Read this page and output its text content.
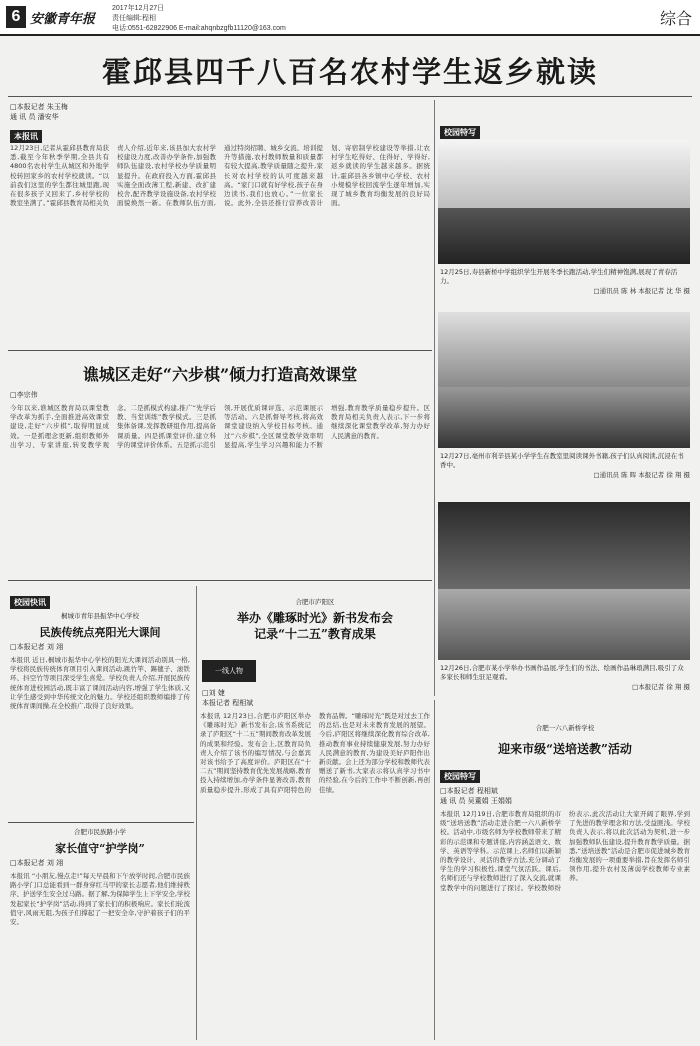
6 安徽青年报
2017年12月27日
责任编辑:程相
电话:0551-62822906 E-mail:ahqnbzgfb11120@163.com
综合
霍邱县四千八百名农村学生返乡就读
□本报记者 朱玉梅
通 讯 员 潘安华
本报讯
12月23日,记者从霍邱县教育局获悉,截至今年秋季学期,全县共有4800名农村学生从城区和外地学校转回家乡的农村学校就读。“以前我们这里的学生都往城里跑,现在很多孩子又回来了,乡村学校的教室坐满了。”霍邱县教育局相关负责人介绍,近年来,该县加大农村学校建设力度,改善办学条件,加强教师队伍建设,农村学校办学质量明显提升。在政府投入方面,霍邱县实施全面改薄工程,新建、改扩建校舍,配齐教学设施设备,农村学校面貌焕然一新。在教师队伍方面,通过特岗招聘、城乡交流、培训提升等措施,农村教师数量和质量都有较大提高,教学质量随之提升,家长对农村学校的认可度越来越高。“家门口就有好学校,孩子在身边读书,我们也放心。”一位家长说。此外,全县还推行营养改善计划、寄宿制学校建设等举措,让农村学生吃得好、住得好、学得好,返乡就读的学生越来越多。据统计,霍邱县各乡镇中心学校、农村小规模学校回流学生逐年增加,实现了城乡教育均衡发展的良好局面。
谯城区走好“六步棋”倾力打造高效课堂
□李宗伟
今年以来,谯城区教育局以课堂教学改革为抓手,全面推进高效课堂建设,走好“六步棋”,取得明显成效。一是抓理念更新,组织教师外出学习、专家讲座,转变教学观念。二是抓模式构建,推广“先学后教、当堂训练”教学模式。三是抓集体备课,发挥教研组作用,提高备课质量。四是抓课堂评价,建立科学的课堂评价体系。五是抓示范引领,开展优质课评选、示范课展示等活动。六是抓督导考核,将高效课堂建设纳入学校目标考核。通过“六步棋”,全区课堂教学效率明显提高,学生学习兴趣和能力不断增强,教育教学质量稳步提升。区教育局相关负责人表示,下一步将继续深化课堂教学改革,努力办好人民满意的教育。
校园特写
12月25日,寿县新桥中学组织学生开展冬季长跑活动,学生们精神饱满,展现了青春活力。
□通讯员 陈 林 本报记者 沈 华 摄
12月27日,亳州市利辛县某小学学生在教室里阅读课外书籍,孩子们认真阅读,沉浸在书香中。
□通讯员 陈 晖 本报记者 徐 翔 摄
12月26日,合肥市某小学举办书画作品展,学生们的书法、绘画作品琳琅满目,吸引了众多家长和师生驻足观看。
□本报记者 徐 翔 摄
校园快讯
桐城市青年县振华中心学校
民族传统点亮阳光大课间
□本报记者 刘 翊
本报讯 近日,桐城市振华中心学校的阳光大课间活动别具一格,学校将民族传统体育项目引入课间活动,跳竹竿、踢毽子、滚铁环、抖空竹等项目深受学生喜爱。学校负责人介绍,开展民族传统体育进校园活动,既丰富了课间活动内容,增强了学生体质,又让学生感受到中华传统文化的魅力。学校还组织教师编排了传统体育课间操,在全校推广,取得了良好效果。
合肥市民族路小学
家长值守“护学岗”
□本报记者 刘 翊
本报讯 “小朋友,慢点走!”每天早晨和下午放学时间,合肥市民族路小学门口总能看到一群身穿红马甲的家长志愿者,他们维持秩序、护送学生安全过马路。据了解,为保障学生上下学安全,学校发起家长“护学岗”活动,得到了家长们的积极响应。家长们轮流值守,风雨无阻,为孩子们撑起了一把安全伞,守护着孩子们的平安。
合肥市庐阳区
举办《雕琢时光》新书发布会
记录“十二五”教育成果
一线人物
□刘 婕
本报记者 程相斌
本报讯 12月23日,合肥市庐阳区举办《雕琢时光》新书发布会,该书系统记录了庐阳区“十二五”期间教育改革发展的成果和经验。发布会上,区教育局负责人介绍了该书的编写情况,与会嘉宾对该书给予了高度评价。庐阳区在“十二五”期间坚持教育优先发展战略,教育投入持续增加,办学条件显著改善,教育质量稳步提升,形成了具有庐阳特色的教育品牌。“雕琢时光”既是对过去工作的总结,也是对未来教育发展的展望。今后,庐阳区将继续深化教育综合改革,推动教育事业持续健康发展,努力办好人民满意的教育,为建设美好庐阳作出新贡献。会上还为部分学校和教师代表赠送了新书,大家表示将认真学习书中的经验,在今后的工作中不断创新,再创佳绩。
合肥一六八新桥学校
迎来市级“送培送教”活动
校园特写
□本报记者 程相斌
通 讯 员 吴董娟 王娟娟
本报讯 12月19日,合肥市教育局组织的市级“送培送教”活动走进合肥一六八新桥学校。活动中,市级名师为学校教师带来了精彩的示范课和专题讲座,内容涵盖语文、数学、英语等学科。示范课上,名师们以新颖的教学设计、灵活的教学方法,充分调动了学生的学习积极性,课堂气氛活跃。课后,名师们还与学校教师进行了深入交流,就课堂教学中的问题进行了探讨。学校教师纷纷表示,此次活动让大家开阔了眼界,学到了先进的教学理念和方法,受益匪浅。学校负责人表示,将以此次活动为契机,进一步加强教师队伍建设,提升教育教学质量。据悉,“送培送教”活动是合肥市促进城乡教育均衡发展的一项重要举措,旨在发挥名师引领作用,提升农村及薄弱学校教师专业素养。
